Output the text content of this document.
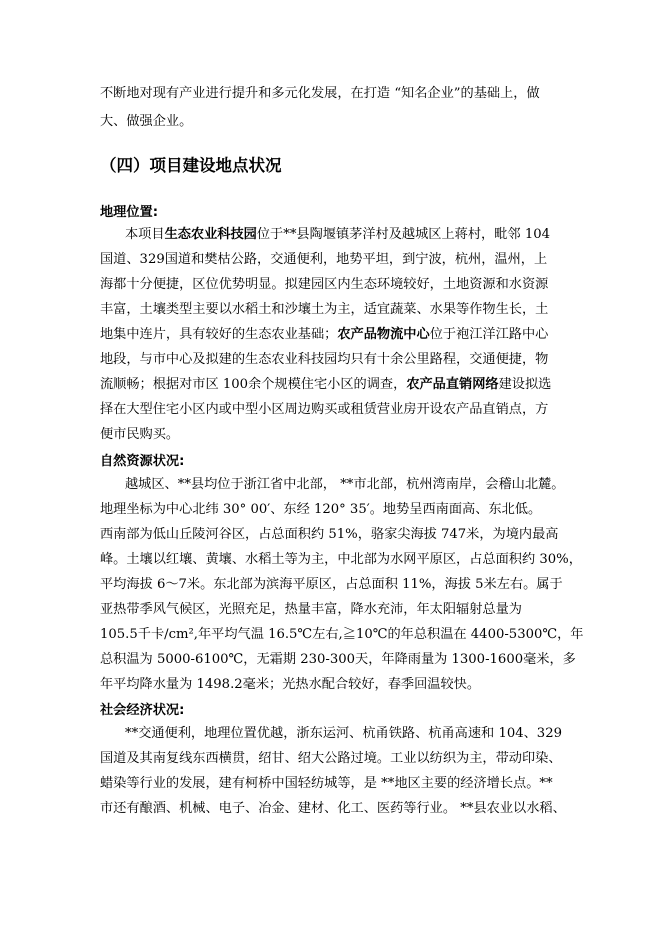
不断地对现有产业进行提升和多元化发展，在打造 “知名企业”的基础上，做
大、做强企业。
（四）项目建设地点状况
地理位置:
本项目生态农业科技园位于**县陶堰镇茅洋村及越城区上蒋村，毗邻 104
国道、329国道和樊枯公路，交通便利，地势平坦，到宁波，杭州，温州，上
海都十分便捷，区位优势明显。拟建园区内生态环境较好，土地资源和水资源
丰富，土壤类型主要以水稻土和沙壤土为主，适宜蔬菜、水果等作物生长，土
地集中连片，具有较好的生态农业基础；农产品物流中心位于袍江洋江路中心
地段，与市中心及拟建的生态农业科技园均只有十余公里路程，交通便捷，物
流顺畅；根据对市区 100余个规模住宅小区的调查，农产品直销网络建设拟选
择在大型住宅小区内或中型小区周边购买或租赁营业房开设农产品直销点，方
便市民购买。
自然资源状况:
越城区、**县均位于浙江省中北部， **市北部，杭州湾南岸，会稽山北麓。
地理坐标为中心北纬 30° 00′、东经 120° 35′。地势呈西南面高、东北低。
西南部为低山丘陵河谷区，占总面积约 51%，骆家尖海拔 747米，为境内最高
峰。土壤以红壤、黄壤、水稻土等为主，中北部为水网平原区，占总面积约 30%，
平均海拔 6～7米。东北部为滨海平原区，占总面积 11%，海拔 5米左右。属于
亚热带季风气候区，光照充足，热量丰富，降水充沛，年太阳辐射总量为
105.5千卡/cm²,年平均气温 16.5℃左右,≧10℃的年总积温在 4400-5300℃，年
总积温为 5000-6100℃，无霜期 230-300天，年降雨量为 1300-1600毫米，多
年平均降水量为 1498.2毫米；光热水配合较好，春季回温较快。
社会经济状况:
**交通便利，地理位置优越，浙东运河、杭甬铁路、杭甬高速和 104、329
国道及其南复线东西横贯，绍甘、绍大公路过境。工业以纺织为主，带动印染、
蜡染等行业的发展，建有柯桥中国轻纺城等，是 **地区主要的经济增长点。**
市还有酿酒、机械、电子、冶金、建材、化工、医药等行业。 **县农业以水稻、
